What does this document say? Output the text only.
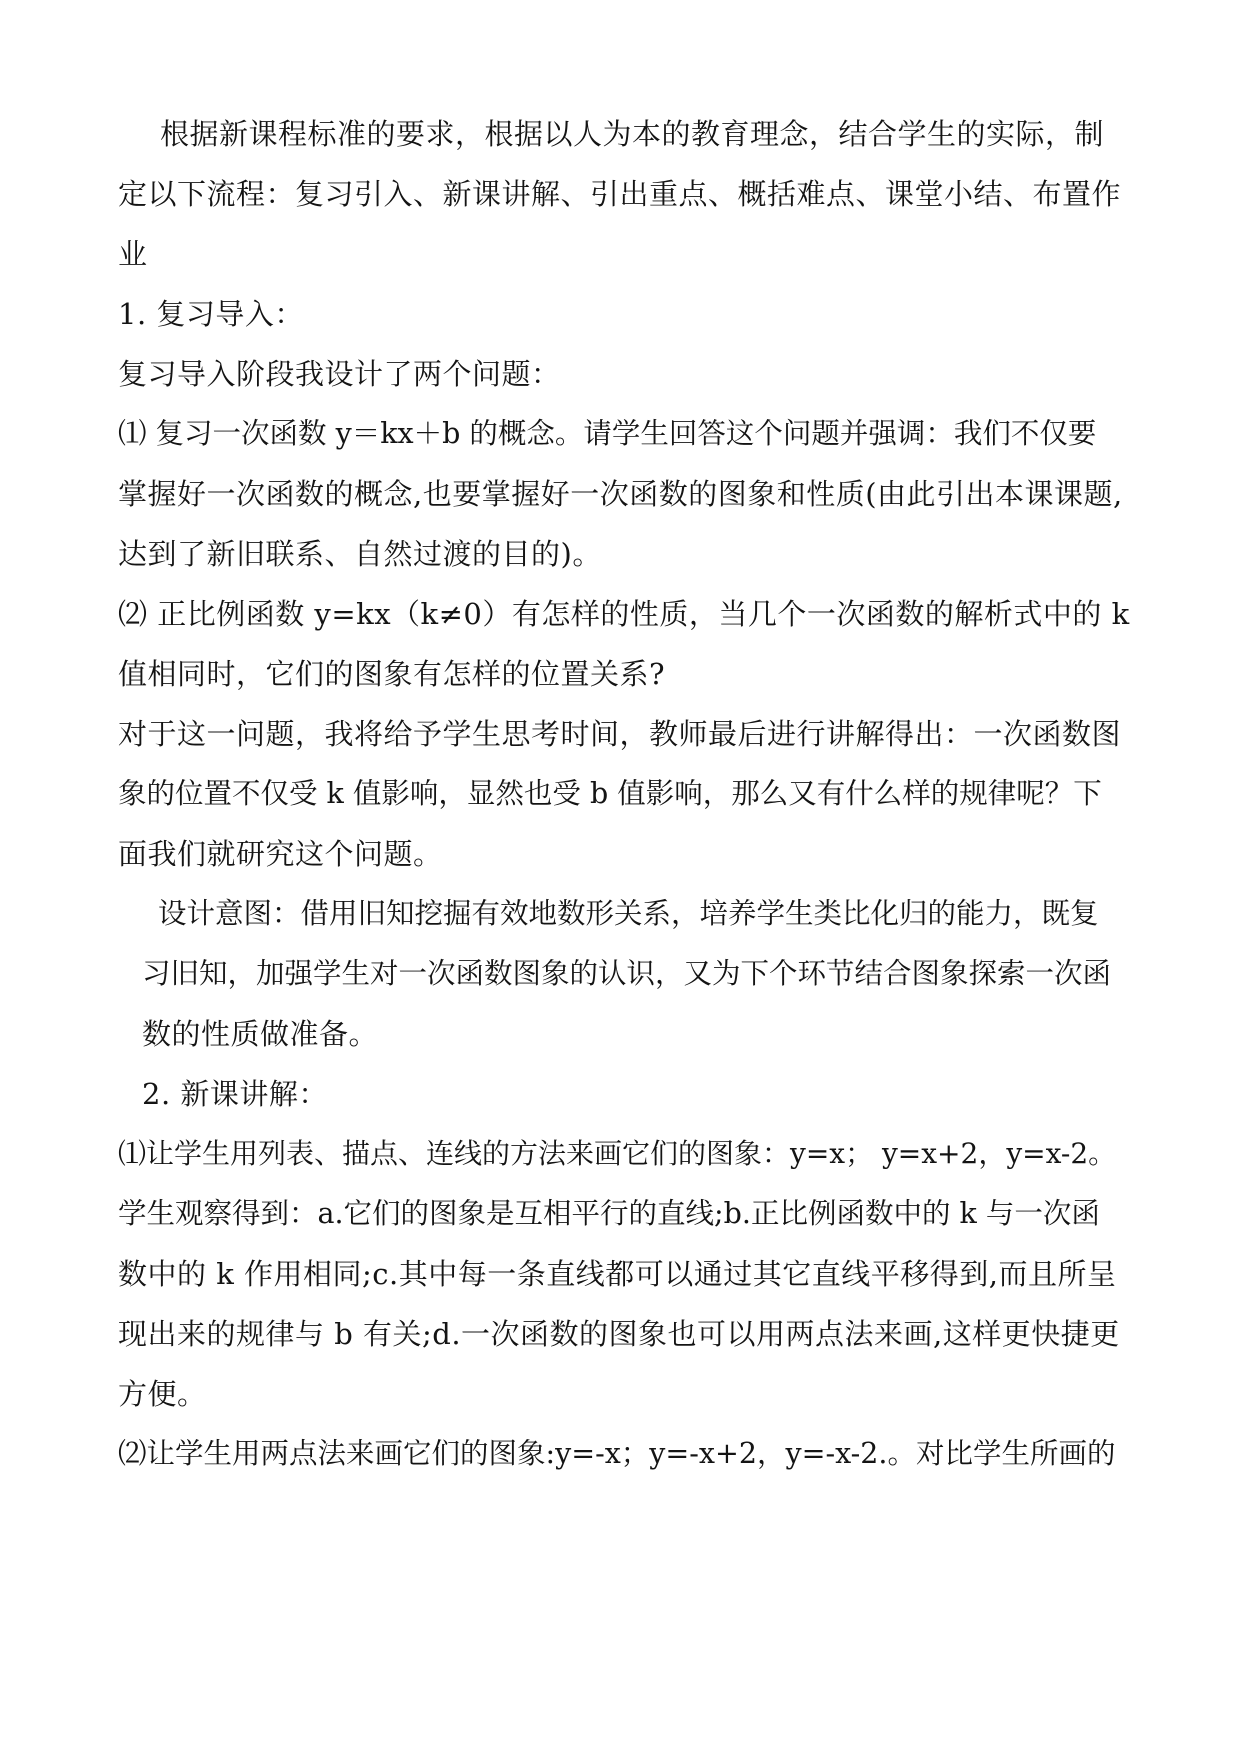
根据新课程标准的要求，根据以人为本的教育理念，结合学生的实际，制
定以下流程：复习引入、新课讲解、引出重点、概括难点、课堂小结、布置作
业
1. 复习导入：
复习导入阶段我设计了两个问题：
⑴ 复习一次函数 y＝kx＋b 的概念。请学生回答这个问题并强调：我们不仅要
掌握好一次函数的概念,也要掌握好一次函数的图象和性质(由此引出本课课题,
达到了新旧联系、自然过渡的目的)。
⑵ 正比例函数 y=kx（k≠0）有怎样的性质，当几个一次函数的解析式中的 k
值相同时，它们的图象有怎样的位置关系?
对于这一问题，我将给予学生思考时间，教师最后进行讲解得出：一次函数图
象的位置不仅受 k 值影响，显然也受 b 值影响，那么又有什么样的规律呢？下
面我们就研究这个问题。
设计意图：借用旧知挖掘有效地数形关系，培养学生类比化归的能力，既复
习旧知，加强学生对一次函数图象的认识，又为下个环节结合图象探索一次函
数的性质做准备。
2. 新课讲解：
⑴让学生用列表、描点、连线的方法来画它们的图象：y=x； y=x+2，y=x-2。
学生观察得到：a.它们的图象是互相平行的直线;b.正比例函数中的 k 与一次函
数中的 k 作用相同;c.其中每一条直线都可以通过其它直线平移得到,而且所呈
现出来的规律与 b 有关;d.一次函数的图象也可以用两点法来画,这样更快捷更
方便。
⑵让学生用两点法来画它们的图象:y=-x；y=-x+2，y=-x-2.。对比学生所画的
